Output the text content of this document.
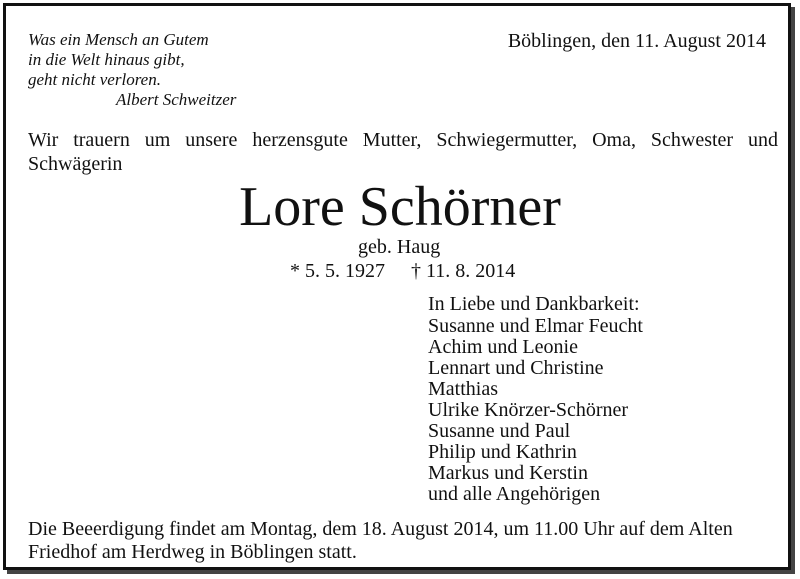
Was ein Mensch an Gutem
in die Welt hinaus gibt,
geht nicht verloren.
Albert Schweitzer
Böblingen, den 11. August 2014
Wir trauern um unsere herzensgute Mutter, Schwiegermutter, Oma, Schwester und Schwägerin
Lore Schörner
geb. Haug
* 5. 5. 1927 † 11. 8. 2014
In Liebe und Dankbarkeit:
Susanne und Elmar Feucht
Achim und Leonie
Lennart und Christine
Matthias
Ulrike Knörzer-Schörner
Susanne und Paul
Philip und Kathrin
Markus und Kerstin
und alle Angehörigen
Die Beeerdigung findet am Montag, dem 18. August 2014, um 11.00 Uhr auf dem Alten Friedhof am Herdweg in Böblingen statt.
